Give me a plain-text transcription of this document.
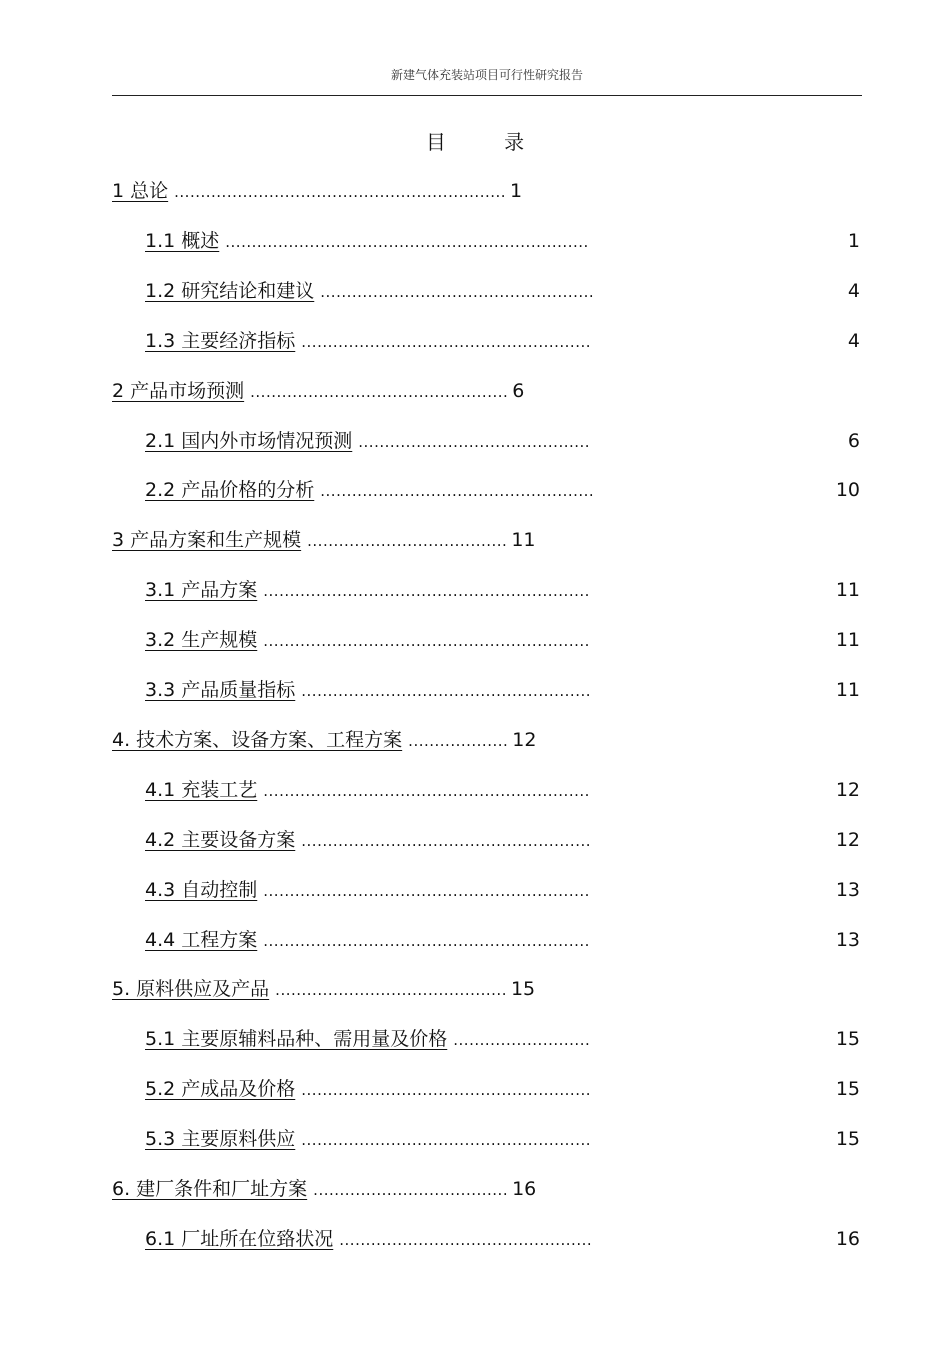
新建气体充装站项目可行性研究报告
目 录
1 总论 ............................................................... 1
1.1 概述 .....................................................................	1
1.2 研究结论和建议 ....................................................	4
1.3 主要经济指标 .......................................................	4
2 产品市场预测 ................................................. 6
2.1 国内外市场情况预测 ............................................	6
2.2 产品价格的分析 ....................................................	10
3 产品方案和生产规模 ...................................... 11
3.1 产品方案 ..............................................................	11
3.2 生产规模 ..............................................................	11
3.3 产品质量指标 .......................................................	11
4. 技术方案、设备方案、工程方案 ................... 12
4.1 充装工艺 ..............................................................	12
4.2 主要设备方案 .......................................................	12
4.3 自动控制 ..............................................................	13
4.4 工程方案 ..............................................................	13
5. 原料供应及产品 ............................................ 15
5.1 主要原辅料品种、需用量及价格 ..........................	15
5.2 产成品及价格 .......................................................	15
5.3 主要原料供应 .......................................................	15
6. 建厂条件和厂址方案 ..................................... 16
6.1 厂址所在位臵状况 ................................................	16
